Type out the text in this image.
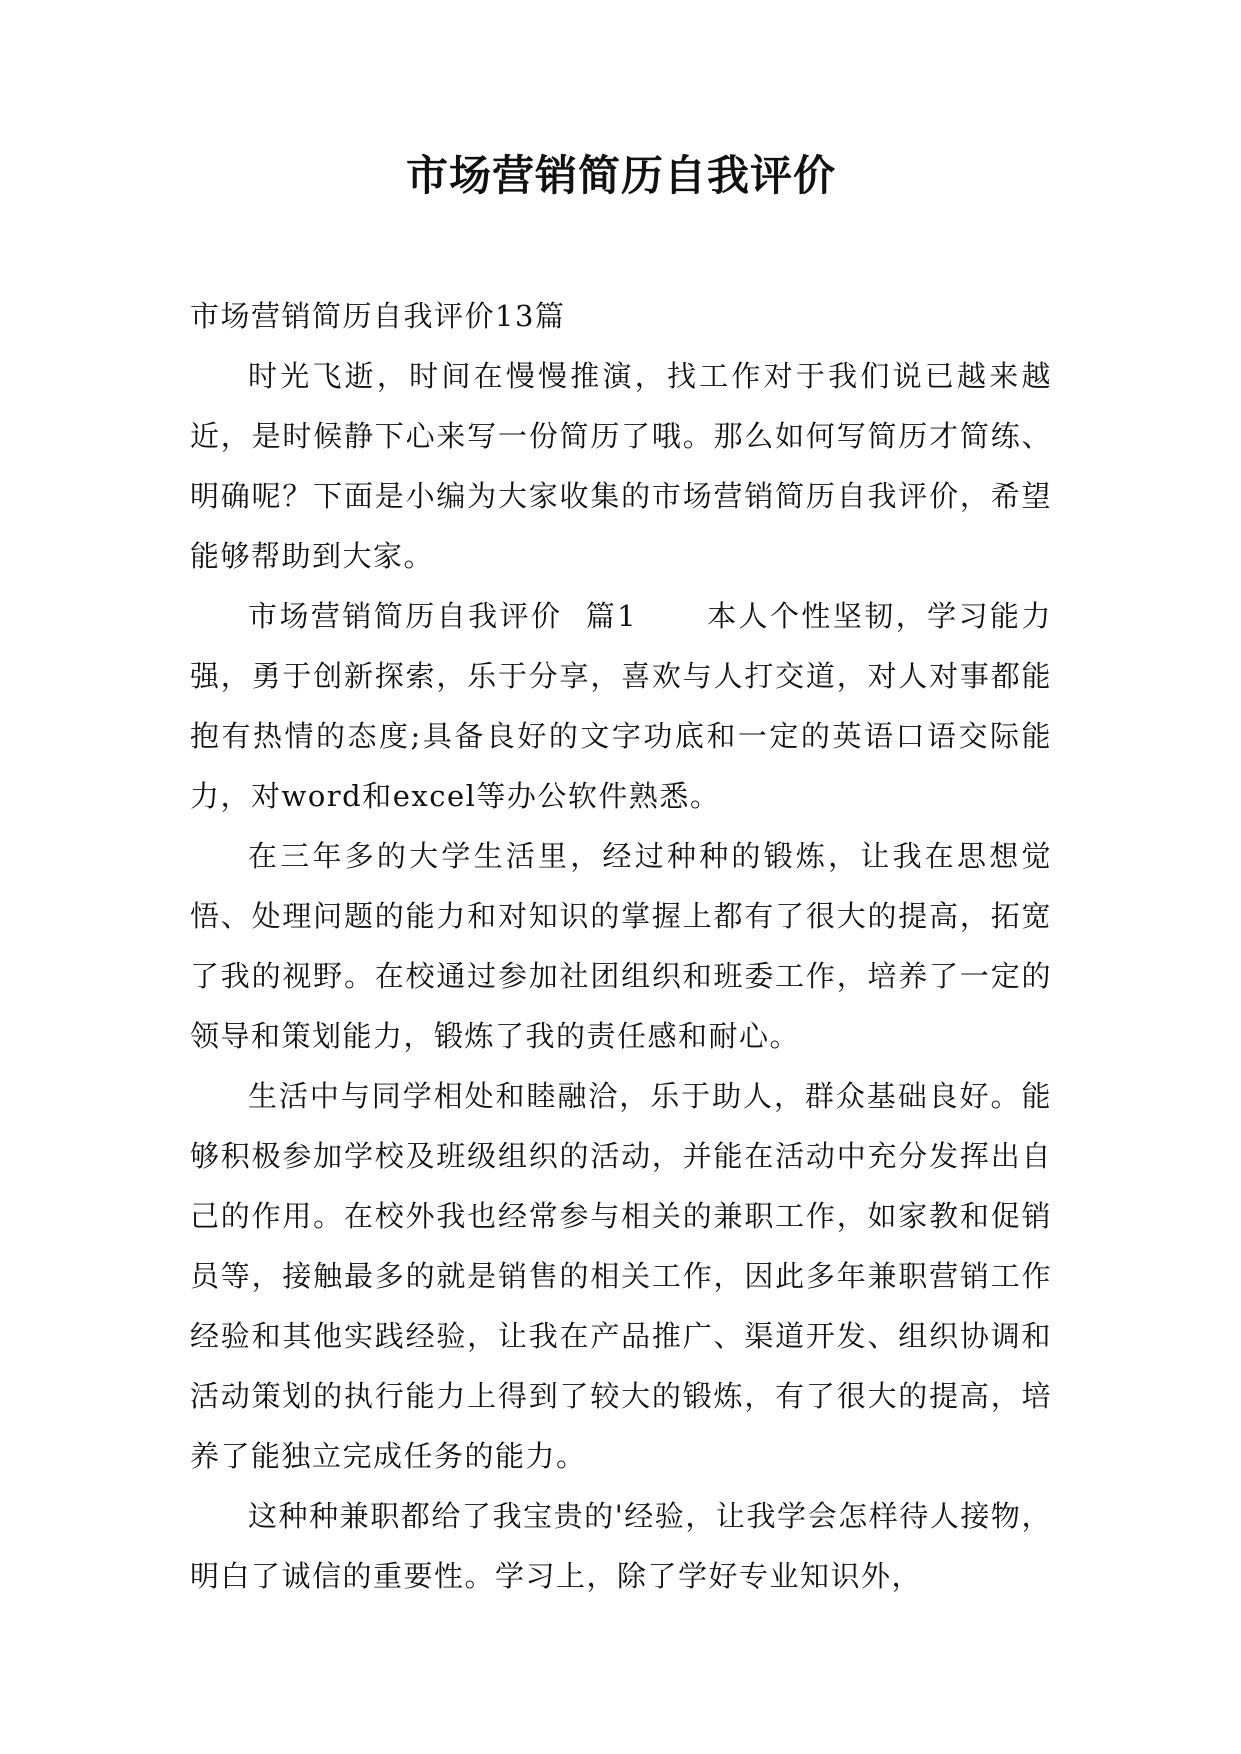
市场营销简历自我评价

市场营销简历自我评价13篇

时光飞逝，时间在慢慢推演，找工作对于我们说已越来越近，是时候静下心来写一份简历了哦。那么如何写简历才简练、明确呢？下面是小编为大家收集的市场营销简历自我评价，希望能够帮助到大家。

市场营销简历自我评价  篇1      本人个性坚韧，学习能力强，勇于创新探索，乐于分享，喜欢与人打交道，对人对事都能抱有热情的态度;具备良好的文字功底和一定的英语口语交际能力，对word和excel等办公软件熟悉。

在三年多的大学生活里，经过种种的锻炼，让我在思想觉悟、处理问题的能力和对知识的掌握上都有了很大的提高，拓宽了我的视野。在校通过参加社团组织和班委工作，培养了一定的领导和策划能力，锻炼了我的责任感和耐心。

生活中与同学相处和睦融洽，乐于助人，群众基础良好。能够积极参加学校及班级组织的活动，并能在活动中充分发挥出自己的作用。在校外我也经常参与相关的兼职工作，如家教和促销员等，接触最多的就是销售的相关工作，因此多年兼职营销工作经验和其他实践经验，让我在产品推广、渠道开发、组织协调和活动策划的执行能力上得到了较大的锻炼，有了很大的提高，培养了能独立完成任务的能力。

这种种兼职都给了我宝贵的'经验，让我学会怎样待人接物，明白了诚信的重要性。学习上，除了学好专业知识外，
